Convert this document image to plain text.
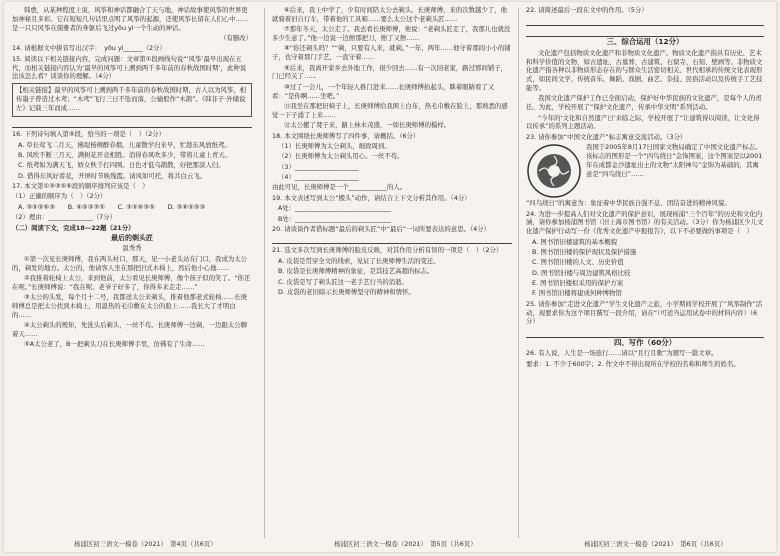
韩愈，从某种程度上说，风筝和神话都融合了天与地，神话故事使风筝的世界更加神秘且多彩。它在短短几句话里点明了风筝的起源，还使风筝长留在人们心中……是一只只风筝在儒雅者的身躯后飞过yōu yì一个生动的神话。

（有删改）

14. 请根据文中拼音写出汉字：　yōu yì______（2分）

15. 阅读以下相关链接内容，完成问题：文章第①段画线句说“‘风筝’最早出现在五代，而相关链接内容认为‘最早的风筝可上溯到两千多年前的春秋战国时期’，此种说法该怎么看？谈谈你的理解。（4分）

【相关链接】最早的风筝可上溯到两千多年前的春秋战国时期，古人以为风筝，相传墨子曾造过木鸢；“木鸢”飞行三日不坠而落，公输般作“木鹊”。《韩非子·外储说左》记载三年而成……

16. 下列诗句填入第⑤段，恰当的一项是（　）（2分）

A. 草长莺飞二月天，拂堤杨柳醉春烟。儿童散学归来早，忙趁东风放纸鸢。

B. 风吹不断三月天，满树花开竞相胜。消得春风吹多少，带将儿童上青天。

C. 纸鸢如为满天飞，娇女秋千打四围。日色才低乌鹊散，好把那淡人归。

D. 借得东风好看花，开屏时节映残霞。请风如可托，将共白云飞。

17. 本文第①③③⑤⑥段的顺序排列应该是（　）

（1）正确的顺序为（　）（2分）

A. ③⑤⑤⑥③　　B. ⑥⑤③③⑤　　C. ③⑤⑥③⑤　　D. ③⑥⑤⑤③

（2）理由：______________（7分）

（二）阅读下文，完成18—22题（21分）

最后的剃头匠

温秀秀

①第一次见长庚师傅，我在两头村口，那天，见一小老头站在门口，我成为太公的，剃发的地方。太公的，他请客人坐在那把旧式木椅上，然后他小心地……

②我推着轮椅上太公，来到他前，太公看见长庚师傅，像个孩子似的笑了。“你还在呢。”长庚师傅说：“我在呢。老爷子好多了，你得多来走走……”

③太公的头发，每个月十二号，我都送太公来剃头，推着他那老式轮椅……长庚师傅总是把太公扶到木椅上，用温热的毛巾敷在太公的脸上……我长大了才明白的……

④太公剃头的规矩，先洗头后剃头，一丝不苟。长庚师傅一边剃，一边跟太公聊着天……

⑤A太公老了，B一把剃头刀在长庚师傅手里，仿佛有了生命……

⑥后来，我上中学了，少有时间陪太公去剃头。长庚师傅，来的次数越少了，他就骑着旧自行车，带着他的工具箱……要么太公这个老剃头匠……

⑦那年冬天，太公走了。我去看长庚师傅，他说：“老剃头匠走了，我那儿也就没多少生意了。”他一边说一边擦那把刀，擦了又擦……

⑧“你还剃头吗？”“剃，只要有人来，就剃。”一年、两年……他守着那间小小的铺子，也守着那门手艺，一直守着……

⑨后来，我离开家乡去外地工作，很少回去……有一次回老家，路过那间铺子，门已经关了……

⑩过了一会儿，一个年轻人推门进来……长庚师傅抬起头，眯着眼睛看了又看：“是你啊……坐吧。”

⑪我坐在那把旧椅子上，长庚师傅给我围上白布，热毛巾敷在脸上，那熟悉的感觉一下子涌了上来……

⑫太公搬了凳子来，路上林木茂盛，一如长庚师傅的模样。

18. 本文围绕长庚师傅写了四件事，请概括。（6分）

（1）长庚师傅为太公剃头，细致周到。

（2）长庚师傅为太公剃头用心。一丝不苟。

（3）____________________

（4）____________________

由此可见，长庚师傅是一个____________的人。

19. 本文表述写到太公“搬头”动作，请结合上下文分析其作用。（4分）

A处：______________________________

B处：______________________________

20. 请谈谈作者借标题“最后的剃头匠”中“最后”一词所要表达的意思。（4分）

21. 选文多次写到长庚师傅的脸皮反映，对其作用分析有误的一项是（　）（2分）

A. 皮袋是贯穿全文的线索，见证了长庚师傅生活的变迁。

B. 皮袋是长庚师傅精神的象征，是其技艺高超的标志。

C. 皮袋是写了剃头匠这一老手艺行当的消逝。

D. 皮袋的老旧暗示长庚师傅坚守的精神和情怀。

22. 请简述最后一段在文中的作用。（5分）

三、综合运用（12分）

文化遗产包括物质文化遗产和非物质文化遗产。物质文化遗产指具有历史、艺术和科学价值的文物，如古遗址、古墓葬、古建筑、石窟寺、石刻、壁画等。非物质文化遗产指各种以非物质形态存在的与群众生活密切相关、世代相承的传统文化表现形式，如民间文学、传统音乐、舞蹈、戏剧、曲艺、杂技、民俗活动以及传统手工艺技能等。

我国文化遗产保护工作已全面启动，保护好中华民族的文化遗产，是每个人的责任。为此，学校开展了“保护文化遗产，传承中华文明”系列活动。

“今年的‘文化和自然遗产日’来临之际，学校开展了“让建筑得以阅读、让文化得以传承”的系列主题活动。

23. 请你参加“中国文化遗产”标志寓意交流活动。（3分）

我国于2005年8月17日国家文物局确定了中国文化遗产标志。该标志的图形是一个“四鸟绕日”金饰图案，这个图案是以2001年在成都金沙遗址出土的文物“太阳神鸟”金饰为基础的，其寓意是“四鸟绕日”……

“四鸟绕日”的寓意为：象征着中华民族自强不息、团结奋进的精神风貌。

24. 为进一步提高人们对文化遗产的保护意识，展现杨浦“三个百年”的历史和文化内涵，请你参加杨浦图书馆（旧上海市图书馆）的有关活动。（3分）你为杨浦区少儿文化遗产保护行动写一份《优秀文化遗产申报报告》，以下不必要做的事项是（　）

A. 图书馆旧楼建筑的基本概貌

B. 图书馆旧楼的保护现状及保护措施

C. 图书馆旧楼的人文、历史价值

D. 图书馆旧楼与周边建筑风格比较

E. 图书馆旧楼拟采用的保护方案

F. 图书馆旧楼将建成何种博物馆

25. 请你参加“走进文化遗产”学生文化遗产之旅，小学期间学校开展了“风筝制作”活动，现要求你为这个项目撰写一段介绍，请在“（可适当运用试卷中的材料内容）（6分）

四、写作（60分）

26. 有人说，人生是一场旅行……请以“且行且歌”为题写一篇文章。

要求：1. 不少于600字；2. 作文中不得出现所在学校的名称和师生的姓名。

杨浦区初三语文一模卷（2021）　第4页（共6页）	杨浦区初三语文一模卷（2021）　第5页（共6页）	杨浦区初三语文一模卷（2021）　第6页（共6页）
